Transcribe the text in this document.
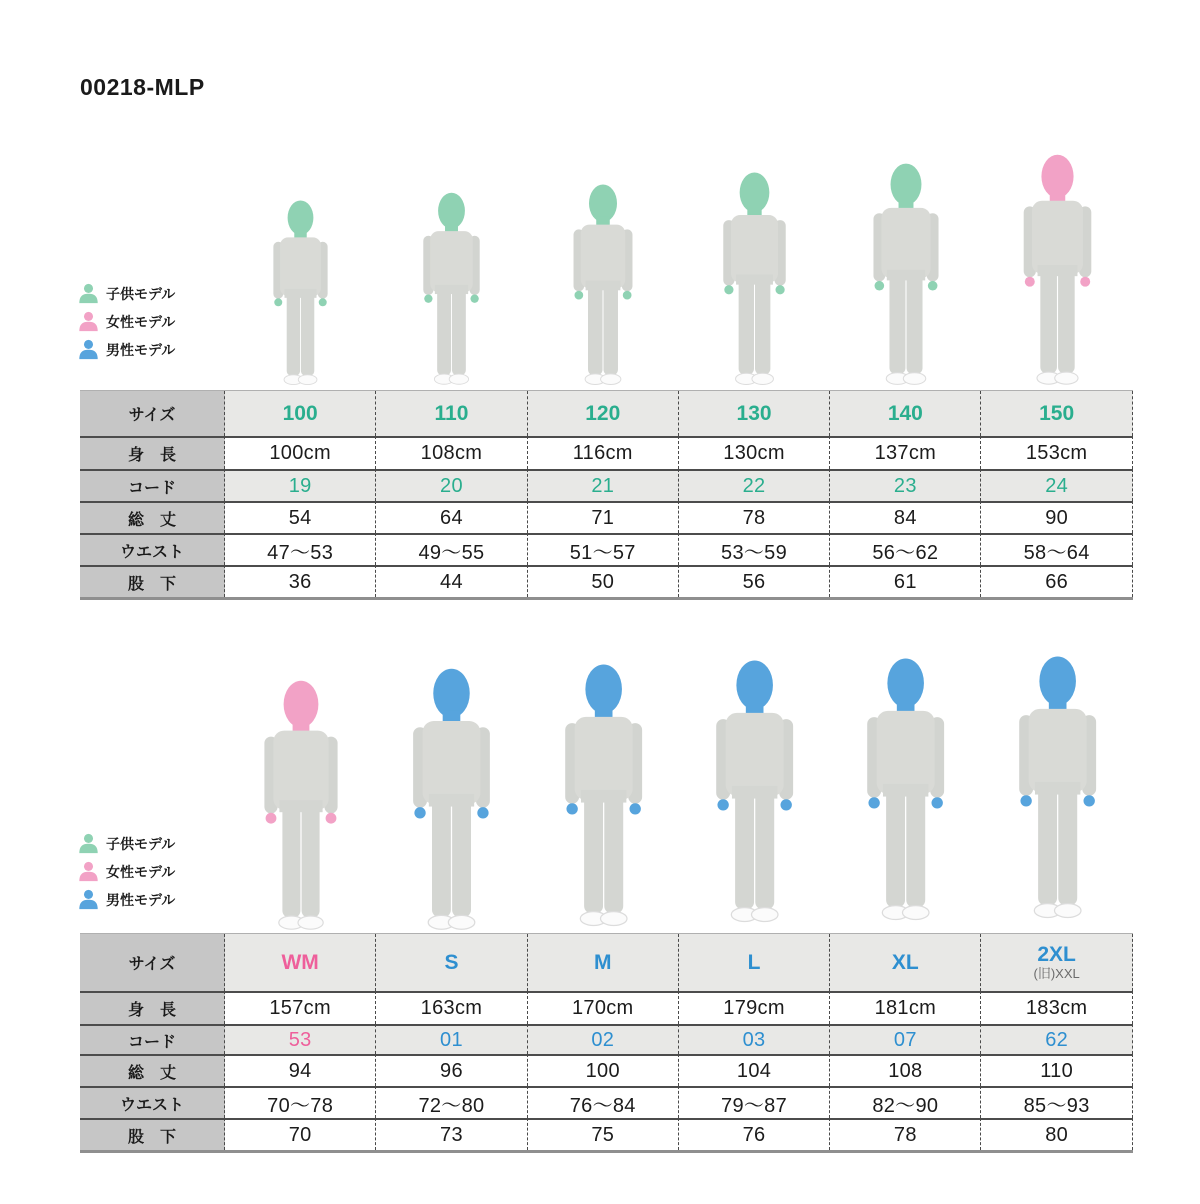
00218-MLP
子供モデル
女性モデル
男性モデル
サイズ	100	110	120	130	140	150
身　長	100cm	108cm	116cm	130cm	137cm	153cm
コード	19	20	21	22	23	24
総　丈	54	64	71	78	84	90
ウエスト	47〜53	49〜55	51〜57	53〜59	56〜62	58〜64
股　下	36	44	50	56	61	66
子供モデル
女性モデル
男性モデル
サイズ	WM	S	M	L	XL	2XL
(旧)XXL
身　長	157cm	163cm	170cm	179cm	181cm	183cm
コード	53	01	02	03	07	62
総　丈	94	96	100	104	108	110
ウエスト	70〜78	72〜80	76〜84	79〜87	82〜90	85〜93
股　下	70	73	75	76	78	80
